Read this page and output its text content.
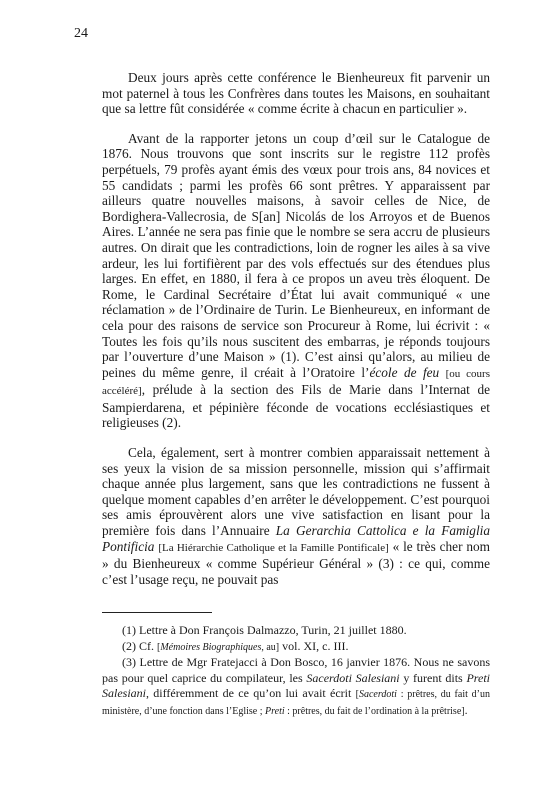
24

Deux jours après cette conférence le Bienheureux fit parvenir un mot paternel à tous les Confrères dans toutes les Maisons, en souhaitant que sa lettre fût considérée « comme écrite à chacun en particulier ».

Avant de la rapporter jetons un coup d’œil sur le Catalogue de 1876. Nous trouvons que sont inscrits sur le registre 112 profès perpétuels, 79 profès ayant émis des vœux pour trois ans, 84 novices et 55 candidats ; parmi les profès 66 sont prêtres. Y apparaissent par ailleurs quatre nouvelles maisons, à savoir celles de Nice, de Bordighera-Vallecrosia, de S[an] Nicolás de los Arroyos et de Buenos Aires. L’année ne sera pas finie que le nombre se sera accru de plusieurs autres. On dirait que les contradictions, loin de rogner les ailes à sa vive ardeur, les lui fortifièrent par des vols effectués sur des étendues plus larges. En effet, en 1880, il fera à ce propos un aveu très éloquent. De Rome, le Cardinal Secrétaire d’État lui avait communiqué « une réclamation » de l’Ordinaire de Turin. Le Bienheureux, en informant de cela pour des raisons de service son Procureur à Rome, lui écrivit : « Toutes les fois qu’ils nous suscitent des embarras, je réponds toujours par l’ouverture d’une Maison » (1). C’est ainsi qu’alors, au milieu de peines du même genre, il créait à l’Oratoire l’école de feu [ou cours accéléré], prélude à la section des Fils de Marie dans l’Internat de Sampierdarena, et pépinière féconde de vocations ecclésiastiques et religieuses (2).

Cela, également, sert à montrer combien apparaissait nettement à ses yeux la vision de sa mission personnelle, mission qui s’affirmait chaque année plus largement, sans que les contradictions ne fussent à quelque moment capables d’en arrêter le développement. C’est pourquoi ses amis éprouvèrent alors une vive satisfaction en lisant pour la première fois dans l’Annuaire La Gerarchia Cattolica e la Famiglia Pontificia [La Hiérarchie Catholique et la Famille Pontificale] « le très cher nom » du Bienheureux « comme Supérieur Général » (3) : ce qui, comme c’est l’usage reçu, ne pouvait pas

(1) Lettre à Don François Dalmazzo, Turin, 21 juillet 1880.

(2) Cf. [Mémoires Biographiques, au] vol. XI, c. III.

(3) Lettre de Mgr Fratejacci à Don Bosco, 16 janvier 1876. Nous ne savons pas pour quel caprice du compilateur, les Sacerdoti Salesiani y furent dits Preti Salesiani, différemment de ce qu’on lui avait écrit [Sacerdoti : prêtres, du fait d’un ministère, d’une fonction dans l’Eglise ; Preti : prêtres, du fait de l’ordination à la prêtrise].
